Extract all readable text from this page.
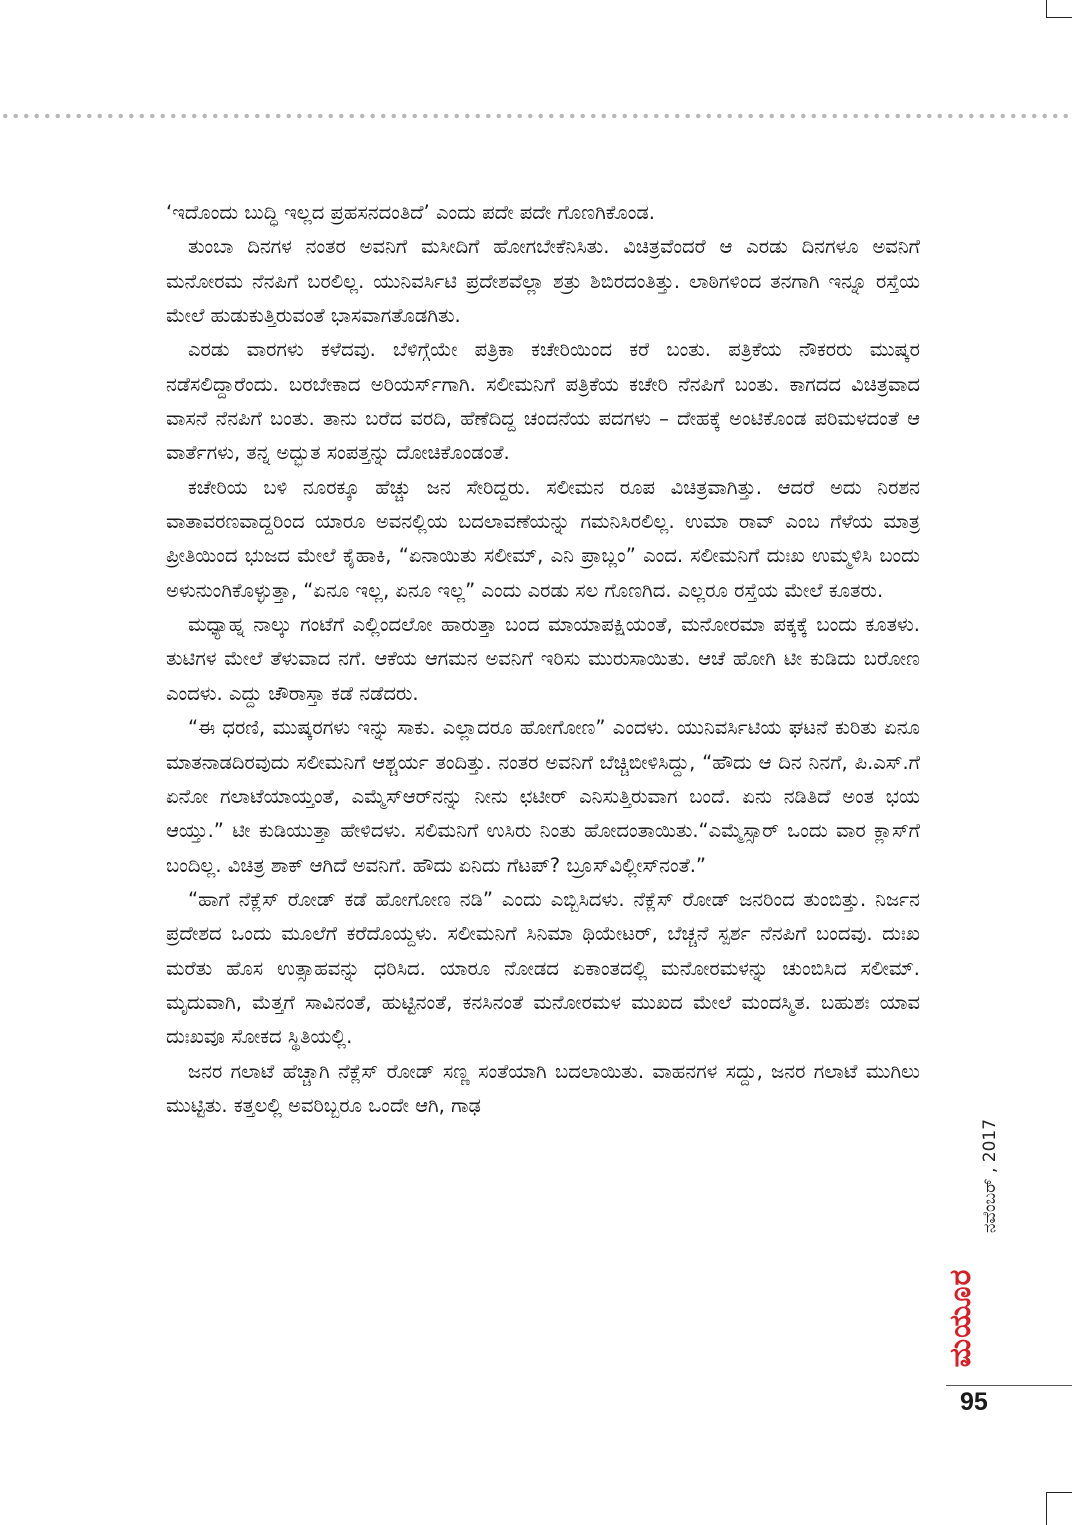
‘ಇದೊಂದು ಬುದ್ಧಿ ಇಲ್ಲದ ಪ್ರಹಸನದಂತಿದೆ’ ಎಂದು ಪದೇ ಪದೇ ಗೊಣಗಿಕೊಂಡ.

ತುಂಬಾ ದಿನಗಳ ನಂತರ ಅವನಿಗೆ ಮಸೀದಿಗೆ ಹೋಗಬೇಕೆನಿಸಿತು. ವಿಚಿತ್ರವೆಂದರೆ ಆ ಎರಡು ದಿನಗಳೂ ಅವನಿಗೆ ಮನೋರಮ ನೆನಪಿಗೆ ಬರಲಿಲ್ಲ. ಯುನಿವರ್ಸಿಟಿ ಪ್ರದೇಶವೆಲ್ಲಾ ಶತ್ರು ಶಿಬಿರದಂತಿತ್ತು. ಲಾಠಿಗಳಿಂದ ತನಗಾಗಿ ಇನ್ನೂ ರಸ್ತೆಯ ಮೇಲೆ ಹುಡುಕುತ್ತಿರುವಂತೆ ಭಾಸವಾಗತೊಡಗಿತು.

ಎರಡು ವಾರಗಳು ಕಳೆದವು. ಬೆಳಿಗ್ಗೆಯೇ ಪತ್ರಿಕಾ ಕಚೇರಿಯಿಂದ ಕರೆ ಬಂತು. ಪತ್ರಿಕೆಯ ನೌಕರರು ಮುಷ್ಕರ ನಡೆಸಲಿದ್ದಾರೆಂದು. ಬರಬೇಕಾದ ಅರಿಯರ್ಸ್‌ಗಾಗಿ. ಸಲೀಮನಿಗೆ ಪತ್ರಿಕೆಯ ಕಚೇರಿ ನೆನಪಿಗೆ ಬಂತು. ಕಾಗದದ ವಿಚಿತ್ರವಾದ ವಾಸನೆ ನೆನಪಿಗೆ ಬಂತು. ತಾನು ಬರೆದ ವರದಿ, ಹೆಣೆದಿದ್ದ ಚಂದನೆಯ ಪದಗಳು – ದೇಹಕ್ಕೆ ಅಂಟಿಕೊಂಡ ಪರಿಮಳದಂತೆ ಆ ವಾರ್ತೆಗಳು, ತನ್ನ ಅದ್ಭುತ ಸಂಪತ್ತನ್ನು ದೋಚಿಕೊಂಡಂತೆ.

ಕಚೇರಿಯ ಬಳಿ ನೂರಕ್ಕೂ ಹೆಚ್ಚು ಜನ ಸೇರಿದ್ದರು. ಸಲೀಮನ ರೂಪ ವಿಚಿತ್ರವಾಗಿತ್ತು. ಆದರೆ ಅದು ನಿರಶನ ವಾತಾವರಣವಾದ್ದರಿಂದ ಯಾರೂ ಅವನಲ್ಲಿಯ ಬದಲಾವಣೆಯನ್ನು ಗಮನಿಸಿರಲಿಲ್ಲ. ಉಮಾ ರಾವ್ ಎಂಬ ಗೆಳೆಯ ಮಾತ್ರ ಪ್ರೀತಿಯಿಂದ ಭುಜದ ಮೇಲೆ ಕೈಹಾಕಿ, “ಏನಾಯಿತು ಸಲೀಮ್, ಎನಿ ಪ್ರಾಬ್ಲಂ” ಎಂದ. ಸಲೀಮನಿಗೆ ದುಃಖ ಉಮ್ಮಳಿಸಿ ಬಂದು ಅಳುನುಂಗಿಕೊಳ್ಳುತ್ತಾ, “ಏನೂ ಇಲ್ಲ, ಏನೂ ಇಲ್ಲ” ಎಂದು ಎರಡು ಸಲ ಗೊಣಗಿದ. ಎಲ್ಲರೂ ರಸ್ತೆಯ ಮೇಲೆ ಕೂತರು.

ಮಧ್ಯಾಹ್ನ ನಾಲ್ಕು ಗಂಟೆಗೆ ಎಲ್ಲಿಂದಲೋ ಹಾರುತ್ತಾ ಬಂದ ಮಾಯಾಪಕ್ಷಿಯಂತೆ, ಮನೋರಮಾ ಪಕ್ಕಕ್ಕೆ ಬಂದು ಕೂತಳು. ತುಟಿಗಳ ಮೇಲೆ ತೆಳುವಾದ ನಗೆ. ಆಕೆಯ ಆಗಮನ ಅವನಿಗೆ ಇರಿಸು ಮುರುಸಾಯಿತು. ಆಚೆ ಹೋಗಿ ಟೀ ಕುಡಿದು ಬರೋಣ ಎಂದಳು. ಎದ್ದು ಚೌರಾಸ್ತಾ ಕಡೆ ನಡೆದರು.

“ಈ ಧರಣಿ, ಮುಷ್ಕರಗಳು ಇನ್ನು ಸಾಕು. ಎಲ್ಲಾದರೂ ಹೋಗೋಣ” ಎಂದಳು. ಯುನಿವರ್ಸಿಟಿಯ ಘಟನೆ ಕುರಿತು ಏನೂ ಮಾತನಾಡದಿರವುದು ಸಲೀಮನಿಗೆ ಆಶ್ಚರ್ಯ ತಂದಿತ್ತು. ನಂತರ ಅವನಿಗೆ ಬೆಚ್ಚಿಬೀಳಿಸಿದ್ದು, “ಹೌದು ಆ ದಿನ ನಿನಗೆ, ಪಿ.ಎಸ್.ಗೆ ಏನೋ ಗಲಾಟೆಯಾಯ್ತಂತೆ, ಎಮ್ಮೆಸ್‌ಆರ್‌ನನ್ನು ನೀನು ಛಟೀರ್ ಎನಿಸುತ್ತಿರುವಾಗ ಬಂದೆ. ಏನು ನಡಿತಿದೆ ಅಂತ ಭಯ ಆಯ್ತು.” ಟೀ ಕುಡಿಯುತ್ತಾ ಹೇಳಿದಳು. ಸಲಿಮನಿಗೆ ಉಸಿರು ನಿಂತು ಹೋದಂತಾಯಿತು.“ಎಮ್ಮೆಸ್ಸಾರ್ ಒಂದು ವಾರ ಕ್ಲಾಸ್‌ಗೆ ಬಂದಿಲ್ಲ. ವಿಚಿತ್ರ ಶಾಕ್ ಆಗಿದೆ ಅವನಿಗೆ. ಹೌದು ಏನಿದು ಗೆಟಪ್? ಬ್ರೂಸ್‌ವಿಲ್ಲೀಸ್‌ನಂತೆ.”

“ಹಾಗೆ ನೆಕ್ಲೆಸ್ ರೋಡ್ ಕಡೆ ಹೋಗೋಣ ನಡಿ” ಎಂದು ಎಬ್ಬಿಸಿದಳು. ನೆಕ್ಲೆಸ್ ರೋಡ್ ಜನರಿಂದ ತುಂಬಿತ್ತು. ನಿರ್ಜನ ಪ್ರದೇಶದ ಒಂದು ಮೂಲೆಗೆ ಕರೆದೊಯ್ದಳು. ಸಲೀಮನಿಗೆ ಸಿನಿಮಾ ಥಿಯೇಟರ್, ಬೆಚ್ಚನೆ ಸ್ಪರ್ಶ ನೆನಪಿಗೆ ಬಂದವು. ದುಃಖ ಮರೆತು ಹೊಸ ಉತ್ಸಾಹವನ್ನು ಧರಿಸಿದ. ಯಾರೂ ನೋಡದ ಏಕಾಂತದಲ್ಲಿ ಮನೋರಮಳನ್ನು ಚುಂಬಿಸಿದ ಸಲೀಮ್. ಮೃದುವಾಗಿ, ಮೆತ್ತಗೆ ಸಾವಿನಂತೆ, ಹುಟ್ಟಿನಂತೆ, ಕನಸಿನಂತೆ ಮನೋರಮಳ ಮುಖದ ಮೇಲೆ ಮಂದಸ್ಮಿತ. ಬಹುಶಃ ಯಾವ ದುಃಖವೂ ಸೋಕದ ಸ್ಥಿತಿಯಲ್ಲಿ.

ಜನರ ಗಲಾಟೆ ಹೆಚ್ಚಾಗಿ ನೆಕ್ಲೆಸ್ ರೋಡ್ ಸಣ್ಣ ಸಂತೆಯಾಗಿ ಬದಲಾಯಿತು. ವಾಹನಗಳ ಸದ್ದು, ಜನರ ಗಲಾಟೆ ಮುಗಿಲು ಮುಟ್ಟಿತು. ಕತ್ತಲಲ್ಲಿ ಅವರಿಬ್ಬರೂ ಒಂದೇ ಆಗಿ, ಗಾಢ

ನವೆಂಬರ್ , 2017
ಮಯೂರ
95
